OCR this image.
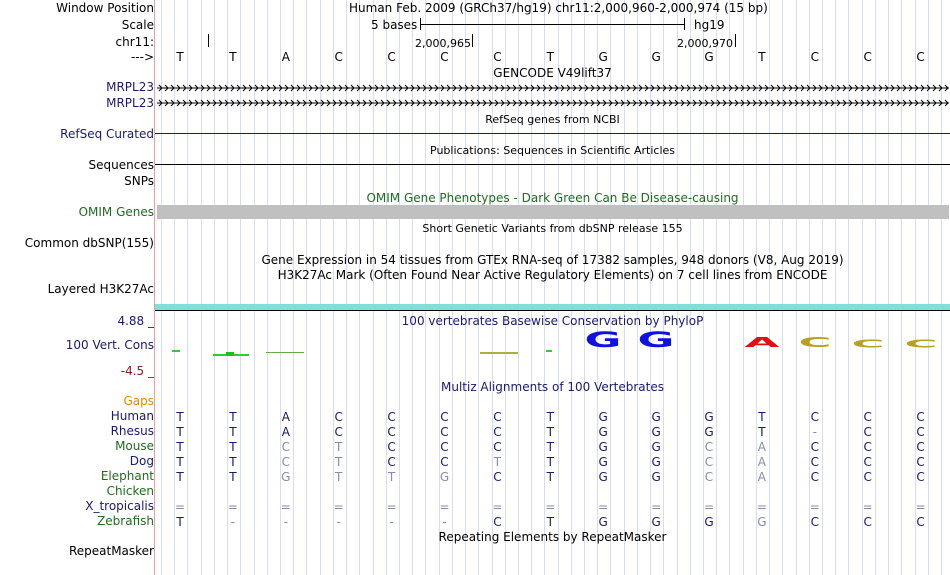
Window Position	Human Feb. 2009 (GRCh37/hg19) chr11:2,000,960-2,000,974 (15 bp)
Scale	5 bases	hg19
chr11:	2,000,965	2,000,970
--->	T	T	A	C	C	C	C	T	G	G	G	T	C	C	C
GENCODE V49lift37
MRPL23
MRPL23
RefSeq genes from NCBI
RefSeq Curated
Publications: Sequences in Scientific Articles
Sequences
SNPs
OMIM Gene Phenotypes - Dark Green Can Be Disease-causing
OMIM Genes
Short Genetic Variants from dbSNP release 155
Common dbSNP(155)
Gene Expression in 54 tissues from GTEx RNA-seq of 17382 samples, 948 donors (V8, Aug 2019)
H3K27Ac Mark (Often Found Near Active Regulatory Elements) on 7 cell lines from ENCODE
Layered H3K27Ac
4.88 _	100 vertebrates Basewise Conservation by PhyloP
100 Vert. Cons
-4.5 _
G G	A C C C
Multiz Alignments of 100 Vertebrates
Gaps
Human	T	T	A	C	C	C	C	T	G	G	G	T	C	C	C
Rhesus	T	T	A	C	C	C	C	T	G	G	G	T	-	C	C
Mouse	T	T	C	T	C	C	C	T	G	G	C	A	C	C	C
Dog	T	T	C	T	C	C	T	T	G	G	C	A	C	C	C
Elephant	T	T	G	T	T	G	C	T	G	G	C	A	C	C	C
Chicken
X_tropicalis =	=	=	=	=	=	=	=	=	=	=	=	=	=	=
Zebrafish	T	-	-	-	-	-	C	T	G	G	G	G	C	C	C
Repeating Elements by RepeatMasker
RepeatMasker
